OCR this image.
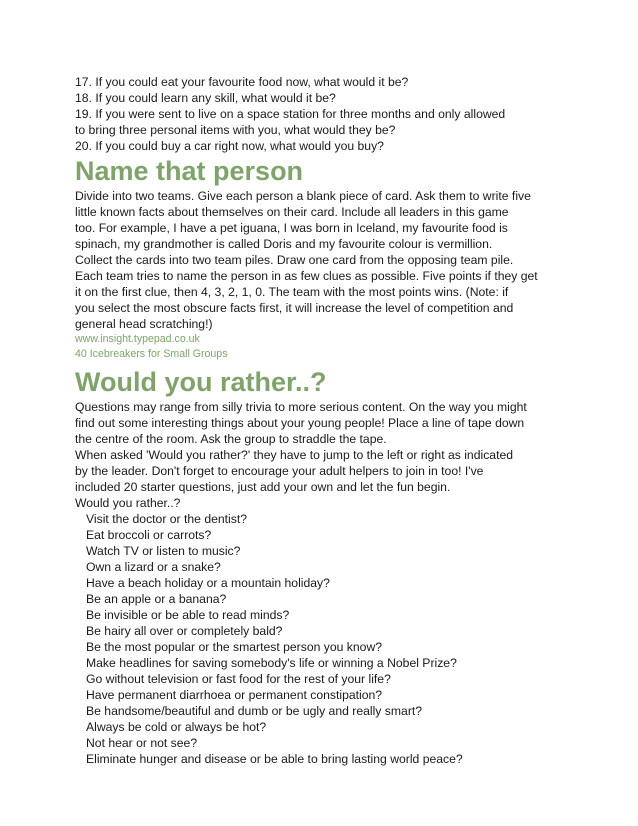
17. If you could eat your favourite food now, what would it be?

18. If you could learn any skill, what would it be?

19. If you were sent to live on a space station for three months and only allowed

to bring three personal items with you, what would they be?

20. If you could buy a car right now, what would you buy?

Name that person

Divide into two teams. Give each person a blank piece of card. Ask them to write five

little known facts about themselves on their card. Include all leaders in this game

too. For example, I have a pet iguana, I was born in Iceland, my favourite food is

spinach, my grandmother is called Doris and my favourite colour is vermillion.

Collect the cards into two team piles. Draw one card from the opposing team pile.

Each team tries to name the person in as few clues as possible. Five points if they get

it on the first clue, then 4, 3, 2, 1, 0. The team with the most points wins. (Note: if

you select the most obscure facts first, it will increase the level of competition and

general head scratching!)

www.insight.typepad.co.uk

40 Icebreakers for Small Groups

Would you rather..?

Questions may range from silly trivia to more serious content. On the way you might

find out some interesting things about your young people! Place a line of tape down

the centre of the room. Ask the group to straddle the tape.

When asked 'Would you rather?' they have to jump to the left or right as indicated

by the leader. Don't forget to encourage your adult helpers to join in too! I've

included 20 starter questions, just add your own and let the fun begin.

Would you rather..?

Visit the doctor or the dentist?
Eat broccoli or carrots?
Watch TV or listen to music?
Own a lizard or a snake?
Have a beach holiday or a mountain holiday?
Be an apple or a banana?
Be invisible or be able to read minds?
Be hairy all over or completely bald?
Be the most popular or the smartest person you know?
Make headlines for saving somebody's life or winning a Nobel Prize?
Go without television or fast food for the rest of your life?
Have permanent diarrhoea or permanent constipation?
Be handsome/beautiful and dumb or be ugly and really smart?
Always be cold or always be hot?
Not hear or not see?
Eliminate hunger and disease or be able to bring lasting world peace?
